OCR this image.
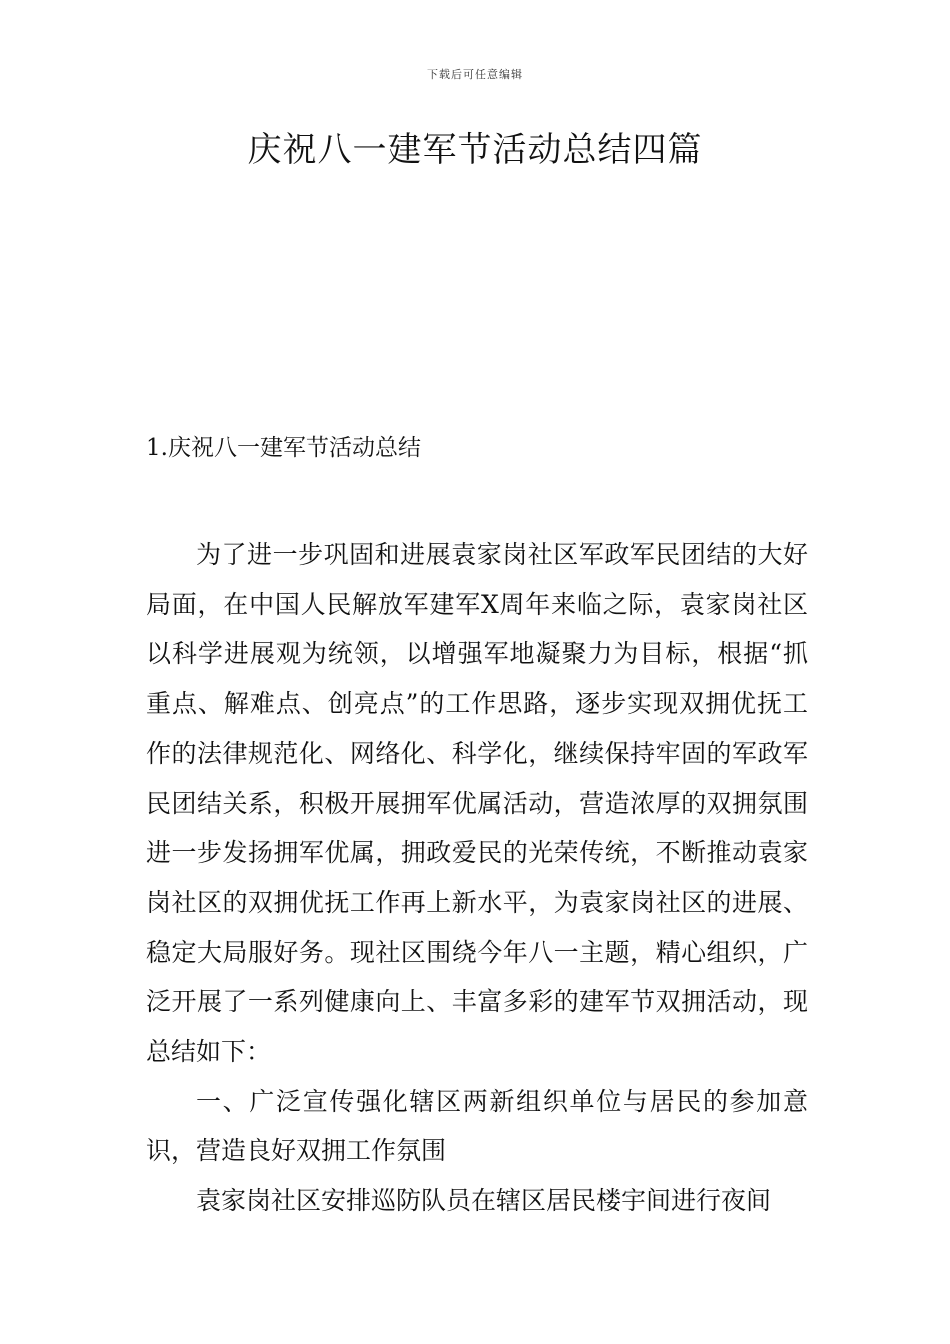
下载后可任意编辑
庆祝八一建军节活动总结四篇
1.庆祝八一建军节活动总结

为了进一步巩固和进展袁家岗社区军政军民团结的大好局面，在中国人民解放军建军X周年来临之际，袁家岗社区以科学进展观为统领，以增强军地凝聚力为目标，根据“抓重点、解难点、创亮点”的工作思路，逐步实现双拥优抚工作的法律规范化、网络化、科学化，继续保持牢固的军政军民团结关系，积极开展拥军优属活动，营造浓厚的双拥氛围进一步发扬拥军优属，拥政爱民的光荣传统，不断推动袁家岗社区的双拥优抚工作再上新水平，为袁家岗社区的进展、稳定大局服好务。现社区围绕今年八一主题，精心组织，广泛开展了一系列健康向上、丰富多彩的建军节双拥活动，现总结如下：

一、广泛宣传强化辖区两新组织单位与居民的参加意识，营造良好双拥工作氛围

袁家岗社区安排巡防队员在辖区居民楼宇间进行夜间
